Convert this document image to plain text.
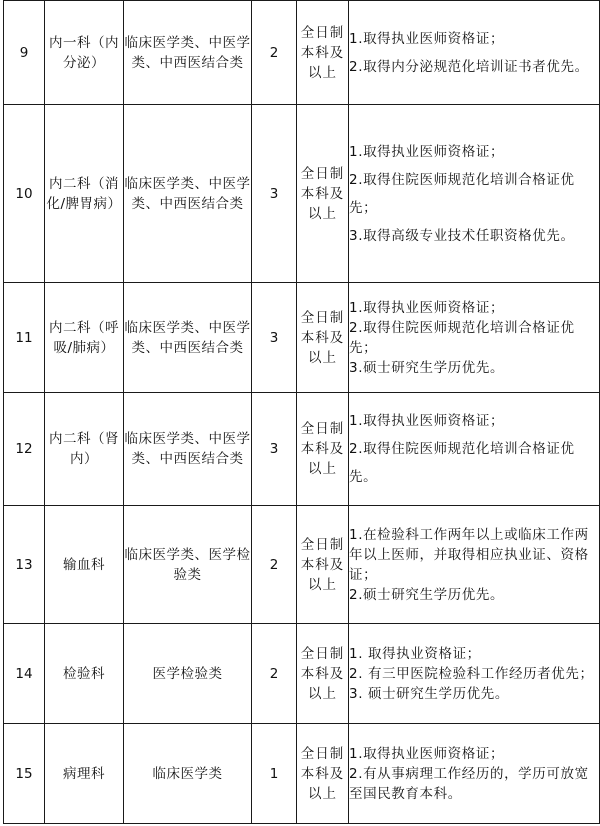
9	内一科（内分泌）	临床医学类、中医学类、中西医结合类	2	全日制本科及以上	1.取得执业医师资格证；
2.取得内分泌规范化培训证书者优先。

10	内二科（消化/脾胃病）	临床医学类、中医学类、中西医结合类	3	全日制本科及以上	1.取得执业医师资格证；
2.取得住院医师规范化培训合格证优先；
3.取得高级专业技术任职资格优先。

11	内二科（呼吸/肺病）	临床医学类、中医学类、中西医结合类	3	全日制本科及以上	1.取得执业医师资格证；
2.取得住院医师规范化培训合格证优先；
3.硕士研究生学历优先。

12	内二科（肾内）	临床医学类、中医学类、中西医结合类	3	全日制本科及以上	1.取得执业医师资格证；
2.取得住院医师规范化培训合格证优先。

13	输血科	临床医学类、医学检验类	2	全日制本科及以上	1.在检验科工作两年以上或临床工作两年以上医师，并取得相应执业证、资格证；
2.硕士研究生学历优先。

14	检验科	医学检验类	2	全日制本科及以上	1. 取得执业资格证；
2. 有三甲医院检验科工作经历者优先；
3. 硕士研究生学历优先。

15	病理科	临床医学类	1	全日制本科及以上	1.取得执业医师资格证；
2.有从事病理工作经历的，学历可放宽至国民教育本科。
